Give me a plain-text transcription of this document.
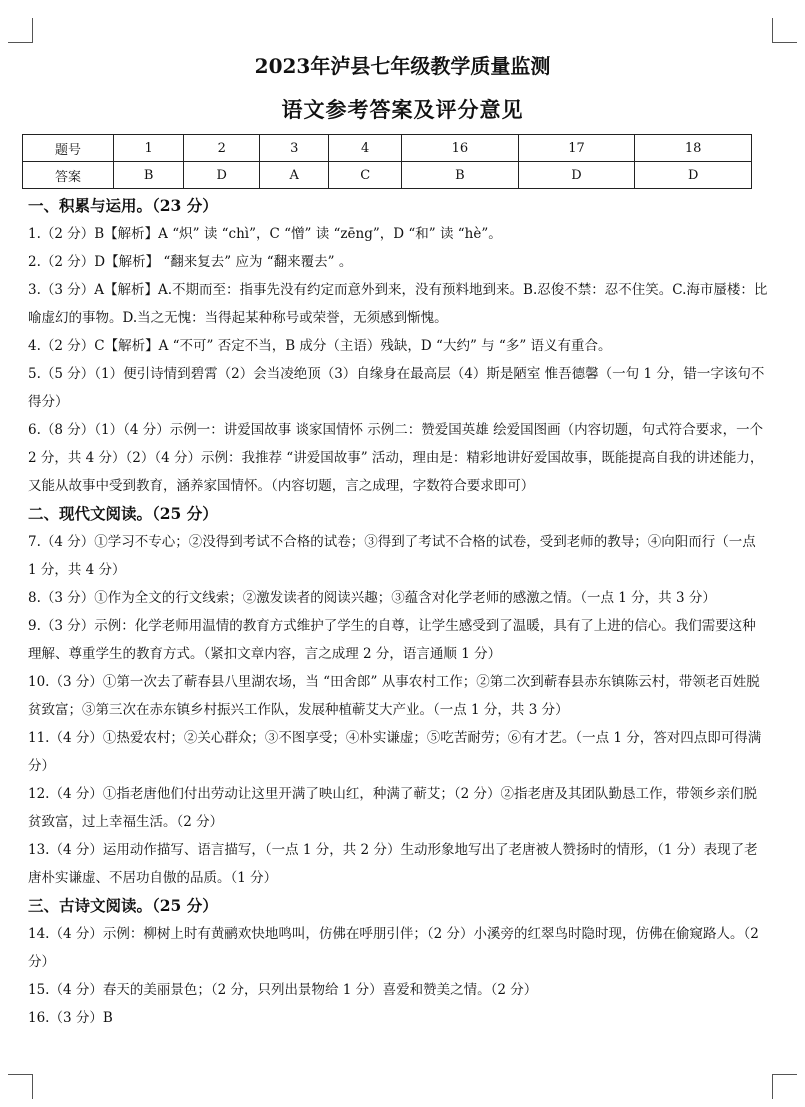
2023年泸县七年级教学质量监测
语文参考答案及评分意见
题号	1	2	3	4	16	17	18
答案	B	D	A	C	B	D	D
一、积累与运用。（23 分）

1.（2 分）B【解析】A “炽” 读 “chì”，C “憎” 读 “zēng”，D “和” 读 “hè”。

2.（2 分）D【解析】 “翻来复去” 应为 “翻来覆去” 。

3.（3 分）A【解析】A.不期而至：指事先没有约定而意外到来，没有预料地到来。B.忍俊不禁：忍不住笑。C.海市蜃楼：比喻虚幻的事物。D.当之无愧：当得起某种称号或荣誉，无须感到惭愧。

4.（2 分）C【解析】A “不可” 否定不当，B 成分（主语）残缺，D “大约” 与 “多” 语义有重合。

5.（5 分）（1）便引诗情到碧霄（2）会当凌绝顶（3）自缘身在最高层（4）斯是陋室 惟吾德馨（一句 1 分，错一字该句不得分）

6.（8 分）（1）（4 分）示例一：讲爱国故事 谈家国情怀 示例二：赞爱国英雄 绘爱国图画（内容切题，句式符合要求，一个 2 分，共 4 分）（2）（4 分）示例：我推荐 “讲爱国故事” 活动，理由是：精彩地讲好爱国故事，既能提高自我的讲述能力，又能从故事中受到教育，涵养家国情怀。（内容切题，言之成理，字数符合要求即可）

二、现代文阅读。（25 分）

7.（4 分）①学习不专心；②没得到考试不合格的试卷；③得到了考试不合格的试卷，受到老师的教导；④向阳而行（一点 1 分，共 4 分）

8.（3 分）①作为全文的行文线索；②激发读者的阅读兴趣；③蕴含对化学老师的感激之情。（一点 1 分，共 3 分）

9.（3 分）示例：化学老师用温情的教育方式维护了学生的自尊，让学生感受到了温暖，具有了上进的信心。我们需要这种理解、尊重学生的教育方式。（紧扣文章内容，言之成理 2 分，语言通顺 1 分）

10.（3 分）①第一次去了蕲春县八里湖农场，当 “田舍郎” 从事农村工作；②第二次到蕲春县赤东镇陈云村，带领老百姓脱贫致富；③第三次在赤东镇乡村振兴工作队，发展种植蕲艾大产业。（一点 1 分，共 3 分）

11.（4 分）①热爱农村；②关心群众；③不图享受；④朴实谦虚；⑤吃苦耐劳；⑥有才艺。（一点 1 分，答对四点即可得满分）

12.（4 分）①指老唐他们付出劳动让这里开满了映山红，种满了蕲艾；（2 分）②指老唐及其团队勤恳工作，带领乡亲们脱贫致富，过上幸福生活。（2 分）

13.（4 分）运用动作描写、语言描写，（一点 1 分，共 2 分）生动形象地写出了老唐被人赞扬时的情形，（1 分）表现了老唐朴实谦虚、不居功自傲的品质。（1 分）

三、古诗文阅读。（25 分）

14.（4 分）示例：柳树上时有黄鹂欢快地鸣叫，仿佛在呼朋引伴；（2 分）小溪旁的红翠鸟时隐时现，仿佛在偷窥路人。（2 分）

15.（4 分）春天的美丽景色；（2 分，只列出景物给 1 分）喜爱和赞美之情。（2 分）

16.（3 分）B
